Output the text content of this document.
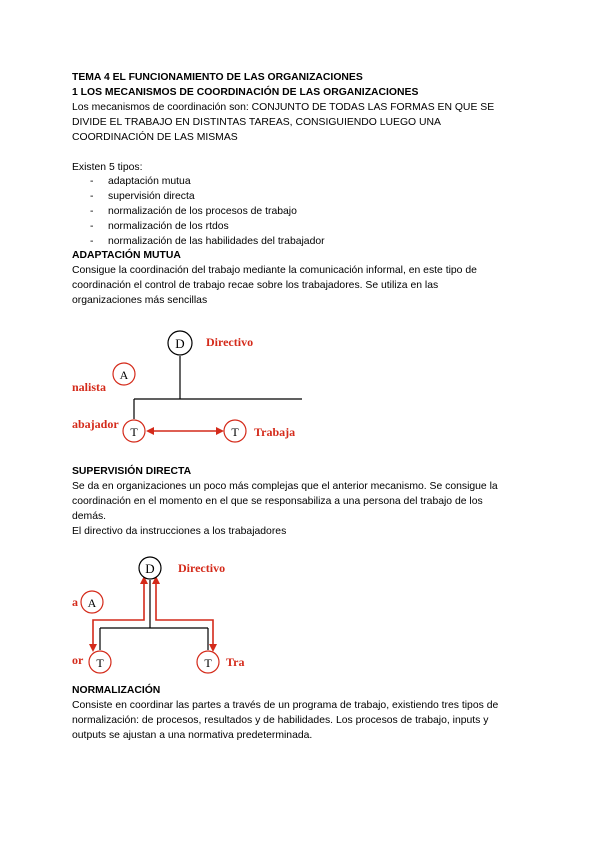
TEMA 4 EL FUNCIONAMIENTO DE LAS ORGANIZACIONES
1 LOS MECANISMOS DE COORDINACIÓN DE LAS ORGANIZACIONES
Los mecanismos de coordinación son: CONJUNTO DE TODAS LAS FORMAS EN QUE SE
DIVIDE EL TRABAJO EN DISTINTAS TAREAS, CONSIGUIENDO LUEGO UNA
COORDINACIÓN DE LAS MISMAS
Existen 5 tipos:
- adaptación mutua
- supervisión directa
- normalización de los procesos de trabajo
- normalización de los rtdos
- normalización de las habilidades del trabajador
ADAPTACIÓN MUTUA
Consigue la coordinación del trabajo mediante la comunicación informal, en este tipo de
coordinación el control de trabajo recae sobre los trabajadores. Se utiliza en las
organizaciones más sencillas
D
A
T	T
Directivo
nalista
abajador
Trabaja
SUPERVISIÓN DIRECTA
Se da en organizaciones un poco más complejas que el anterior mecanismo. Se consigue la
coordinación en el momento en el que se responsabiliza a una persona del trabajo de los
demás.
El directivo da instrucciones a los trabajadores
D
A
T	T
Directivo
a
or	Tra
NORMALIZACIÓN
Consiste en coordinar las partes a través de un programa de trabajo, existiendo tres tipos de
normalización: de procesos, resultados y de habilidades. Los procesos de trabajo, inputs y
outputs se ajustan a una normativa predeterminada.
